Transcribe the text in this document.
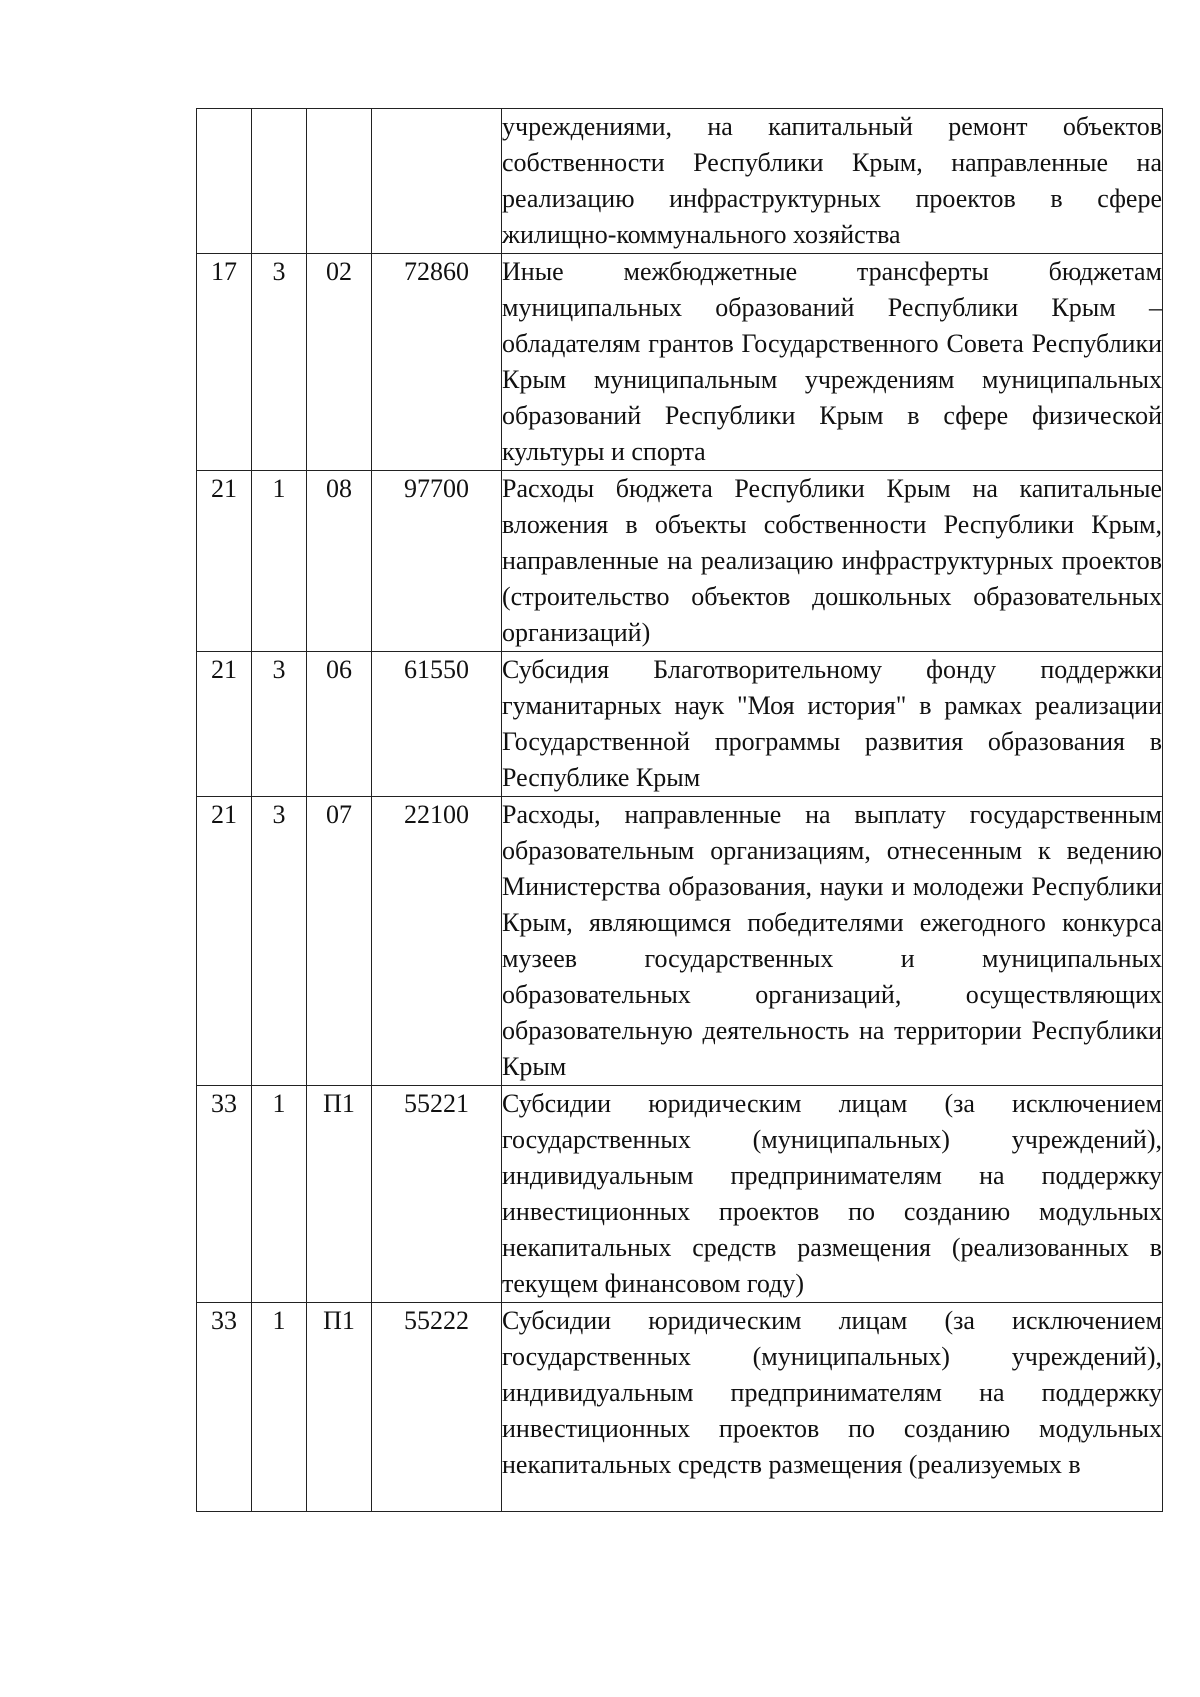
				учреждениями, на капитальный ремонт объектов собственности Республики Крым, направленные на реализацию инфраструктурных проектов в сфере жилищно-коммунального хозяйства
17	3	02	72860	Иные межбюджетные трансферты бюджетам муниципальных образований Республики Крым – обладателям грантов Государственного Совета Республики Крым муниципальным учреждениям муниципальных образований Республики Крым в сфере физической культуры и спорта
21	1	08	97700	Расходы бюджета Республики Крым на капитальные вложения в объекты собственности Республики Крым, направленные на реализацию инфраструктурных проектов (строительство объектов дошкольных образовательных организаций)
21	3	06	61550	Субсидия Благотворительному фонду поддержки гуманитарных наук "Моя история" в рамках реализации Государственной программы развития образования в Республике Крым
21	3	07	22100	Расходы, направленные на выплату государственным образовательным организациям, отнесенным к ведению Министерства образования, науки и молодежи Республики Крым, являющимся победителями ежегодного конкурса музеев государственных и муниципальных образовательных организаций, осуществляющих образовательную деятельность на территории Республики Крым
33	1	П1	55221	Субсидии юридическим лицам (за исключением государственных (муниципальных) учреждений), индивидуальным предпринимателям на поддержку инвестиционных проектов по созданию модульных некапитальных средств размещения (реализованных в текущем финансовом году)
33	1	П1	55222	Субсидии юридическим лицам (за исключением государственных (муниципальных) учреждений), индивидуальным предпринимателям на поддержку инвестиционных проектов по созданию модульных некапитальных средств размещения (реализуемых в
